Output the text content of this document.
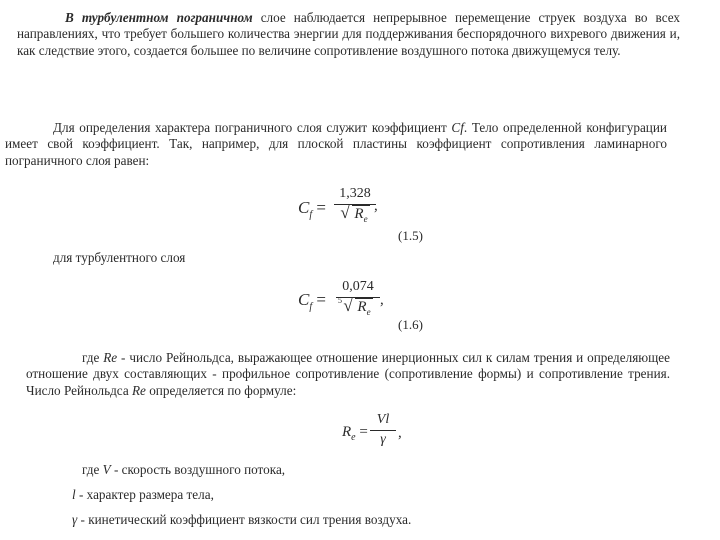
В турбулентном пограничном слое наблюдается непрерывное перемещение струек воздуха во всех направлениях, что требует большего количества энергии для поддерживания беспорядочного вихревого движения и, как следствие этого, создается большее по величине сопротивление воздушного потока движущемуся телу.

Для определения характера пограничного слоя служит коэффициент Cf. Тело определенной конфигурации имеет свой коэффициент. Так, например, для плоской пластины коэффициент сопротивления ламинарного пограничного слоя равен:

$C_f$ =
1,328
√ $R_e$
,
(1.5)
для турбулентного слоя
$C_f$ =
0,074
5
√ $R_e$
,
(1.6)

где Re - число Рейнольдса, выражающее отношение инерционных сил к силам трения и определяющее отношение двух составляющих - профильное сопротивление (сопротивление формы) и сопротивление трения. Число Рейнольдса Re определяется по формуле:

$R_e$ =
Vl
γ ,
где V - скорость воздушного потока,
l - характер размера тела,
γ - кинетический коэффициент вязкости сил трения воздуха.
